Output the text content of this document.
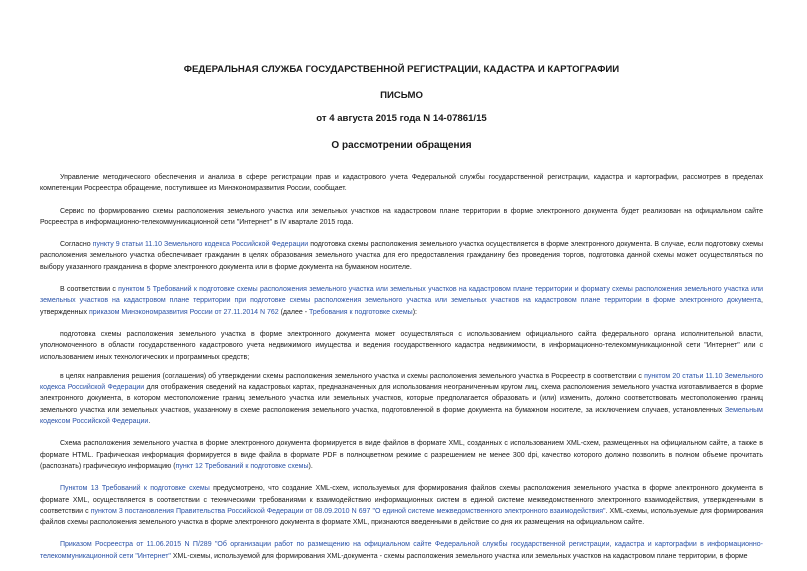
ФЕДЕРАЛЬНАЯ СЛУЖБА ГОСУДАРСТВЕННОЙ РЕГИСТРАЦИИ, КАДАСТРА И КАРТОГРАФИИ
ПИСЬМО
от 4 августа 2015 года N 14-07861/15
О рассмотрении обращения

Управление методического обеспечения и анализа в сфере регистрации прав и кадастрового учета Федеральной службы государственной регистрации, кадастра и картографии, рассмотрев в пределах компетенции Росреестра обращение, поступившее из Минэкономразвития России, сообщает.

Сервис по формированию схемы расположения земельного участка или земельных участков на кадастровом плане территории в форме электронного документа будет реализован на официальном сайте Росреестра в информационно-телекоммуникационной сети "Интернет" в IV квартале 2015 года.

Согласно пункту 9 статьи 11.10 Земельного кодекса Российской Федерации подготовка схемы расположения земельного участка осуществляется в форме электронного документа. В случае, если подготовку схемы расположения земельного участка обеспечивает гражданин в целях образования земельного участка для его предоставления гражданину без проведения торгов, подготовка данной схемы может осуществляться по выбору указанного гражданина в форме электронного документа или в форме документа на бумажном носителе.

В соответствии с пунктом 5 Требований к подготовке схемы расположения земельного участка или земельных участков на кадастровом плане территории и формату схемы расположения земельного участка или земельных участков на кадастровом плане территории при подготовке схемы расположения земельного участка или земельных участков на кадастровом плане территории в форме электронного документа, утвержденных приказом Минэкономразвития России от 27.11.2014 N 762 (далее - Требования к подготовке схемы):

подготовка схемы расположения земельного участка в форме электронного документа может осуществляться с использованием официального сайта федерального органа исполнительной власти, уполномоченного в области государственного кадастрового учета недвижимого имущества и ведения государственного кадастра недвижимости, в информационно-телекоммуникационной сети "Интернет" или с использованием иных технологических и программных средств;

в целях направления решения (соглашения) об утверждении схемы расположения земельного участка и схемы расположения земельного участка в Росреестр в соответствии с пунктом 20 статьи 11.10 Земельного кодекса Российской Федерации для отображения сведений на кадастровых картах, предназначенных для использования неограниченным кругом лиц, схема расположения земельного участка изготавливается в форме электронного документа, в котором местоположение границ земельного участка или земельных участков, которые предполагается образовать и (или) изменить, должно соответствовать местоположению границ земельного участка или земельных участков, указанному в схеме расположения земельного участка, подготовленной в форме документа на бумажном носителе, за исключением случаев, установленных Земельным кодексом Российской Федерации.

Схема расположения земельного участка в форме электронного документа формируется в виде файлов в формате XML, созданных с использованием XML-схем, размещенных на официальном сайте, а также в формате HTML. Графическая информация формируется в виде файла в формате PDF в полноцветном режиме с разрешением не менее 300 dpi, качество которого должно позволить в полном объеме прочитать (распознать) графическую информацию (пункт 12 Требований к подготовке схемы).

Пунктом 13 Требований к подготовке схемы предусмотрено, что создание XML-схем, используемых для формирования файлов схемы расположения земельного участка в форме электронного документа в формате XML, осуществляется в соответствии с техническими требованиями к взаимодействию информационных систем в единой системе межведомственного электронного взаимодействия, утвержденными в соответствии с пунктом 3 постановления Правительства Российской Федерации от 08.09.2010 N 697 "О единой системе межведомственного электронного взаимодействия". XML-схемы, используемые для формирования файлов схемы расположения земельного участка в форме электронного документа в формате XML, признаются введенными в действие со дня их размещения на официальном сайте.

Приказом Росреестра от 11.06.2015 N П/289 "Об организации работ по размещению на официальном сайте Федеральной службы государственной регистрации, кадастра и картографии в информационно-телекоммуникационной сети "Интернет" XML-схемы, используемой для формирования XML-документа - схемы расположения земельного участка или земельных участков на кадастровом плане территории, в форме
